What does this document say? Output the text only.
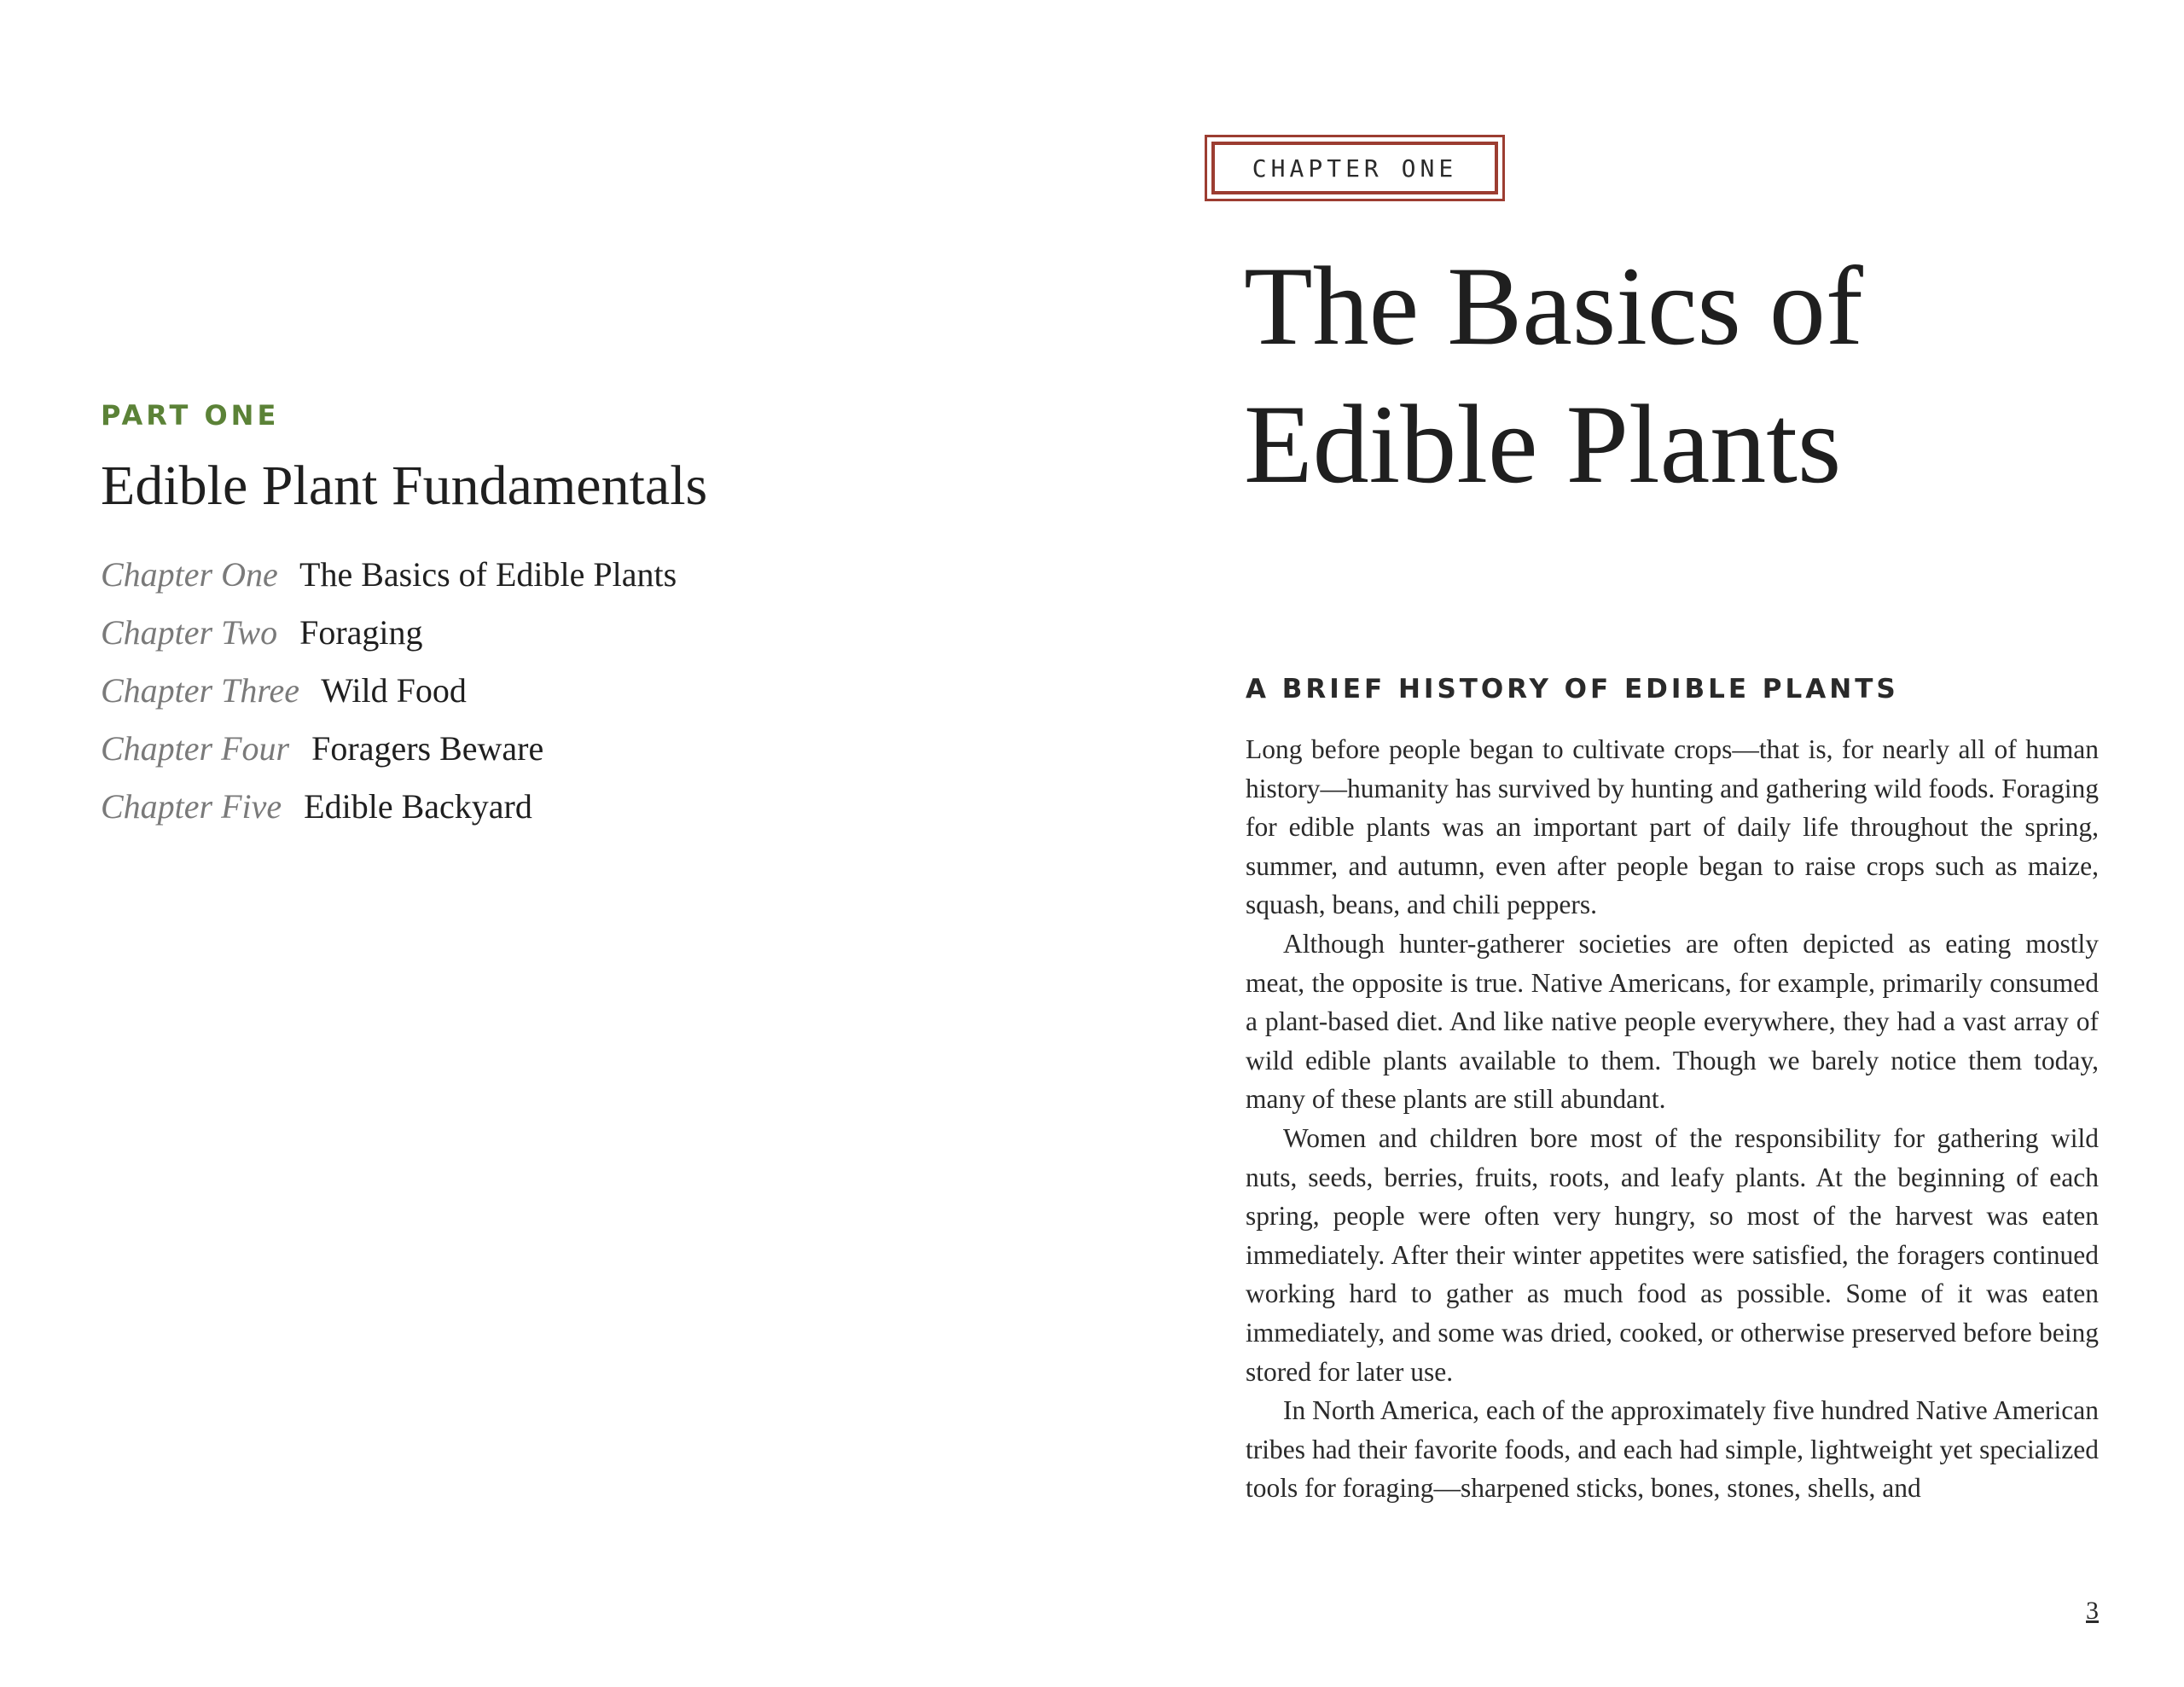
PART ONE
Edible Plant Fundamentals
Chapter One The Basics of Edible Plants
Chapter Two Foraging
Chapter Three Wild Food
Chapter Four Foragers Beware
Chapter Five Edible Backyard
CHAPTER ONE
The Basics of
Edible Plants
A BRIEF HISTORY OF EDIBLE PLANTS

Long before people began to cultivate crops—that is, for nearly all of human history—humanity has survived by hunting and gathering wild foods. Foraging for edible plants was an important part of daily life throughout the spring, summer, and autumn, even after people began to raise crops such as maize, squash, beans, and chili peppers.

Although hunter-gatherer societies are often depicted as eating mostly meat, the opposite is true. Native Americans, for example, primarily consumed a plant-based diet. And like native people everywhere, they had a vast array of wild edible plants available to them. Though we barely notice them today, many of these plants are still abundant.

Women and children bore most of the responsibility for gathering wild nuts, seeds, berries, fruits, roots, and leafy plants. At the beginning of each spring, people were often very hungry, so most of the harvest was eaten immediately. After their winter appetites were satisfied, the foragers continued working hard to gather as much food as possible. Some of it was eaten immediately, and some was dried, cooked, or otherwise preserved before being stored for later use.

In North America, each of the approximately five hundred Native American tribes had their favorite foods, and each had simple, lightweight yet specialized tools for foraging—sharpened sticks, bones, stones, shells, and

3
